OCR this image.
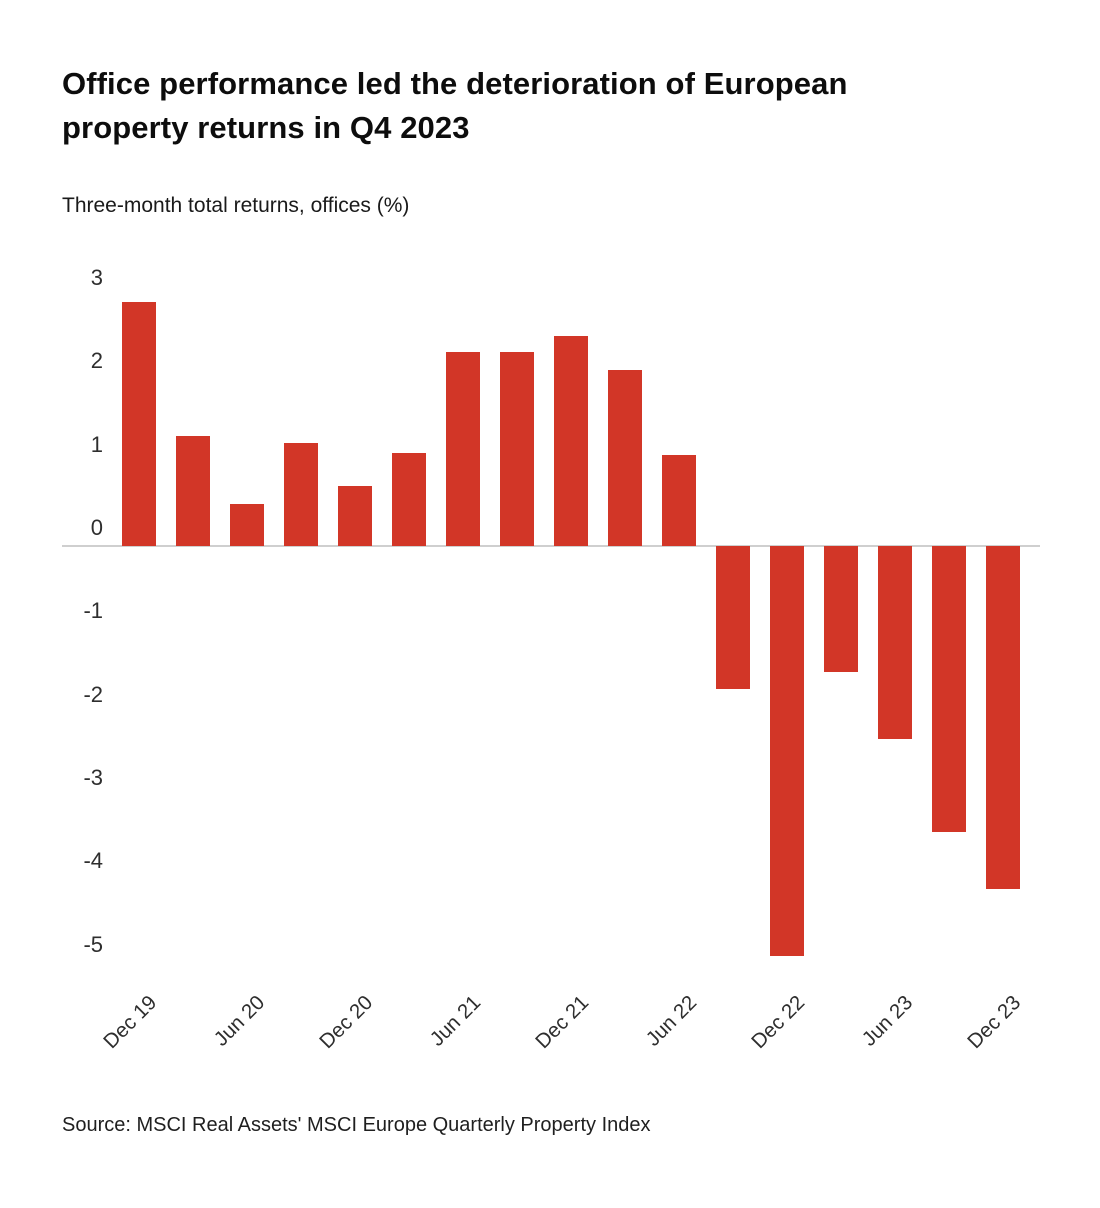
Office performance led the deterioration of European property returns in Q4 2023
Three-month total returns, offices (%)
3
2
1
0
-1
-2
-3
-4
-5
Dec 19 Jun 20 Dec 20 Jun 21 Dec 21 Jun 22 Dec 22 Jun 23 Dec 23
Source: MSCI Real Assets' MSCI Europe Quarterly Property Index
